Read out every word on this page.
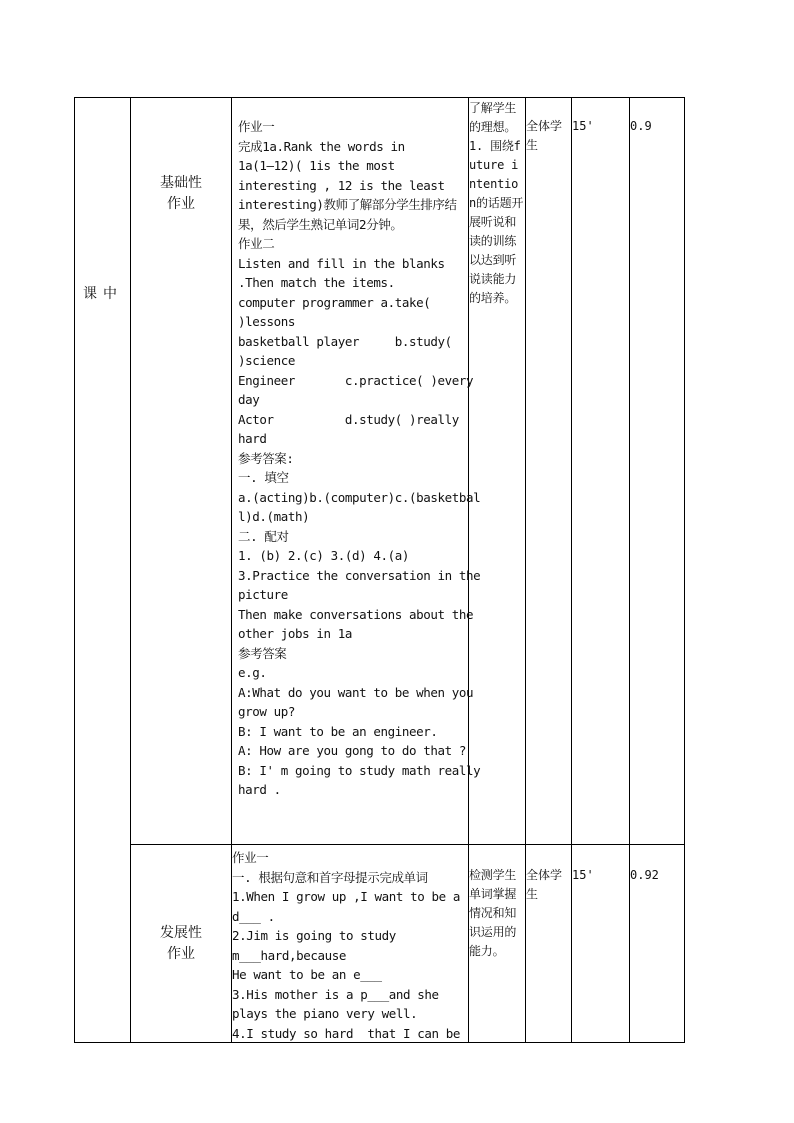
课中
基础性
作业
作业一
完成1a.Rank the words in
1a(1—12)( 1is the most
interesting , 12 is the least
interesting)教师了解部分学生排序结
果，然后学生熟记单词2分钟。
作业二
Listen and fill in the blanks
.Then match the items.
computer programmer a.take(
)lessons
basketball player     b.study(
)science
Engineer       c.practice( )every
day
Actor          d.study( )really
hard
参考答案:
一. 填空
a.(acting)b.(computer)c.(basketbal
l)d.(math)
二. 配对
1. (b) 2.(c) 3.(d) 4.(a)
3.Practice the conversation in the
picture
Then make conversations about the
other jobs in 1a
参考答案
e.g.
A:What do you want to be when you
grow up?
B: I want to be an engineer.
A: How are you gong to do that ?
B: I' m going to study math really
hard .
了解学生的理想。1. 围绕future intention的话题开展听说和读的训练以达到听说读能力的培养。
全体学生
15'	0.9
发展性
作业
作业一
一. 根据句意和首字母提示完成单词
1.When I grow up ,I want to be a
d___ .
2.Jim is going to study
m___hard,because
He want to be an e___
3.His mother is a p___and she
plays the piano very well.
4.I study so hard  that I can be
检测学生单词掌握情况和知识运用的能力。
全体学生
15'	0.92
